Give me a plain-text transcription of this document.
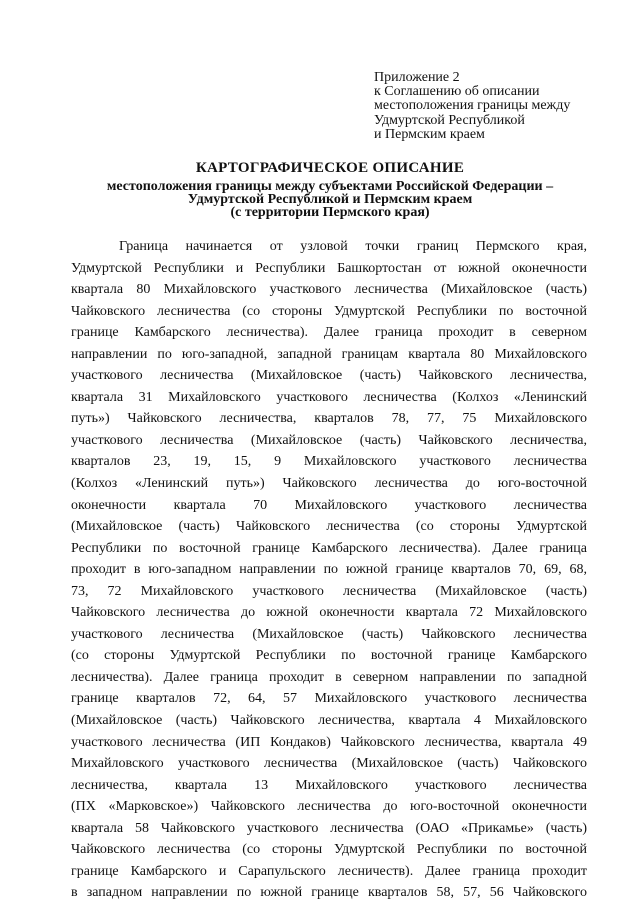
Приложение 2
к Соглашению об описании
местоположения границы между
Удмуртской Республикой
и Пермским краем
КАРТОГРАФИЧЕСКОЕ ОПИСАНИЕ
местоположения границы между субъектами Российской Федерации –
Удмуртской Республикой и Пермским краем
(с территории Пермского края)
Граница начинается от узловой точки границ Пермского края,
Удмуртской Республики и Республики Башкортостан от южной оконечности
квартала 80 Михайловского участкового лесничества (Михайловское (часть)
Чайковского лесничества (со стороны Удмуртской Республики по восточной
границе Камбарского лесничества). Далее граница проходит в северном
направлении по юго-западной, западной границам квартала 80 Михайловского
участкового лесничества (Михайловское (часть) Чайковского лесничества,
квартала 31 Михайловского участкового лесничества (Колхоз «Ленинский
путь») Чайковского лесничества, кварталов 78, 77, 75 Михайловского
участкового лесничества (Михайловское (часть) Чайковского лесничества,
кварталов 23, 19, 15, 9 Михайловского участкового лесничества
(Колхоз «Ленинский путь») Чайковского лесничества до юго-восточной
оконечности квартала 70 Михайловского участкового лесничества
(Михайловское (часть) Чайковского лесничества (со стороны Удмуртской
Республики по восточной границе Камбарского лесничества). Далее граница
проходит в юго-западном направлении по южной границе кварталов 70, 69, 68,
73, 72 Михайловского участкового лесничества (Михайловское (часть)
Чайковского лесничества до южной оконечности квартала 72 Михайловского
участкового лесничества (Михайловское (часть) Чайковского лесничества
(со стороны Удмуртской Республики по восточной границе Камбарского
лесничества). Далее граница проходит в северном направлении по западной
границе кварталов 72, 64, 57 Михайловского участкового лесничества
(Михайловское (часть) Чайковского лесничества, квартала 4 Михайловского
участкового лесничества (ИП Кондаков) Чайковского лесничества, квартала 49
Михайловского участкового лесничества (Михайловское (часть) Чайковского
лесничества, квартала 13 Михайловского участкового лесничества
(ПХ «Марковское») Чайковского лесничества до юго-восточной оконечности
квартала 58 Чайковского участкового лесничества (ОАО «Прикамье» (часть)
Чайковского лесничества (со стороны Удмуртской Республики по восточной
границе Камбарского и Сарапульского лесничеств). Далее граница проходит
в западном направлении по южной границе кварталов 58, 57, 56 Чайковского
